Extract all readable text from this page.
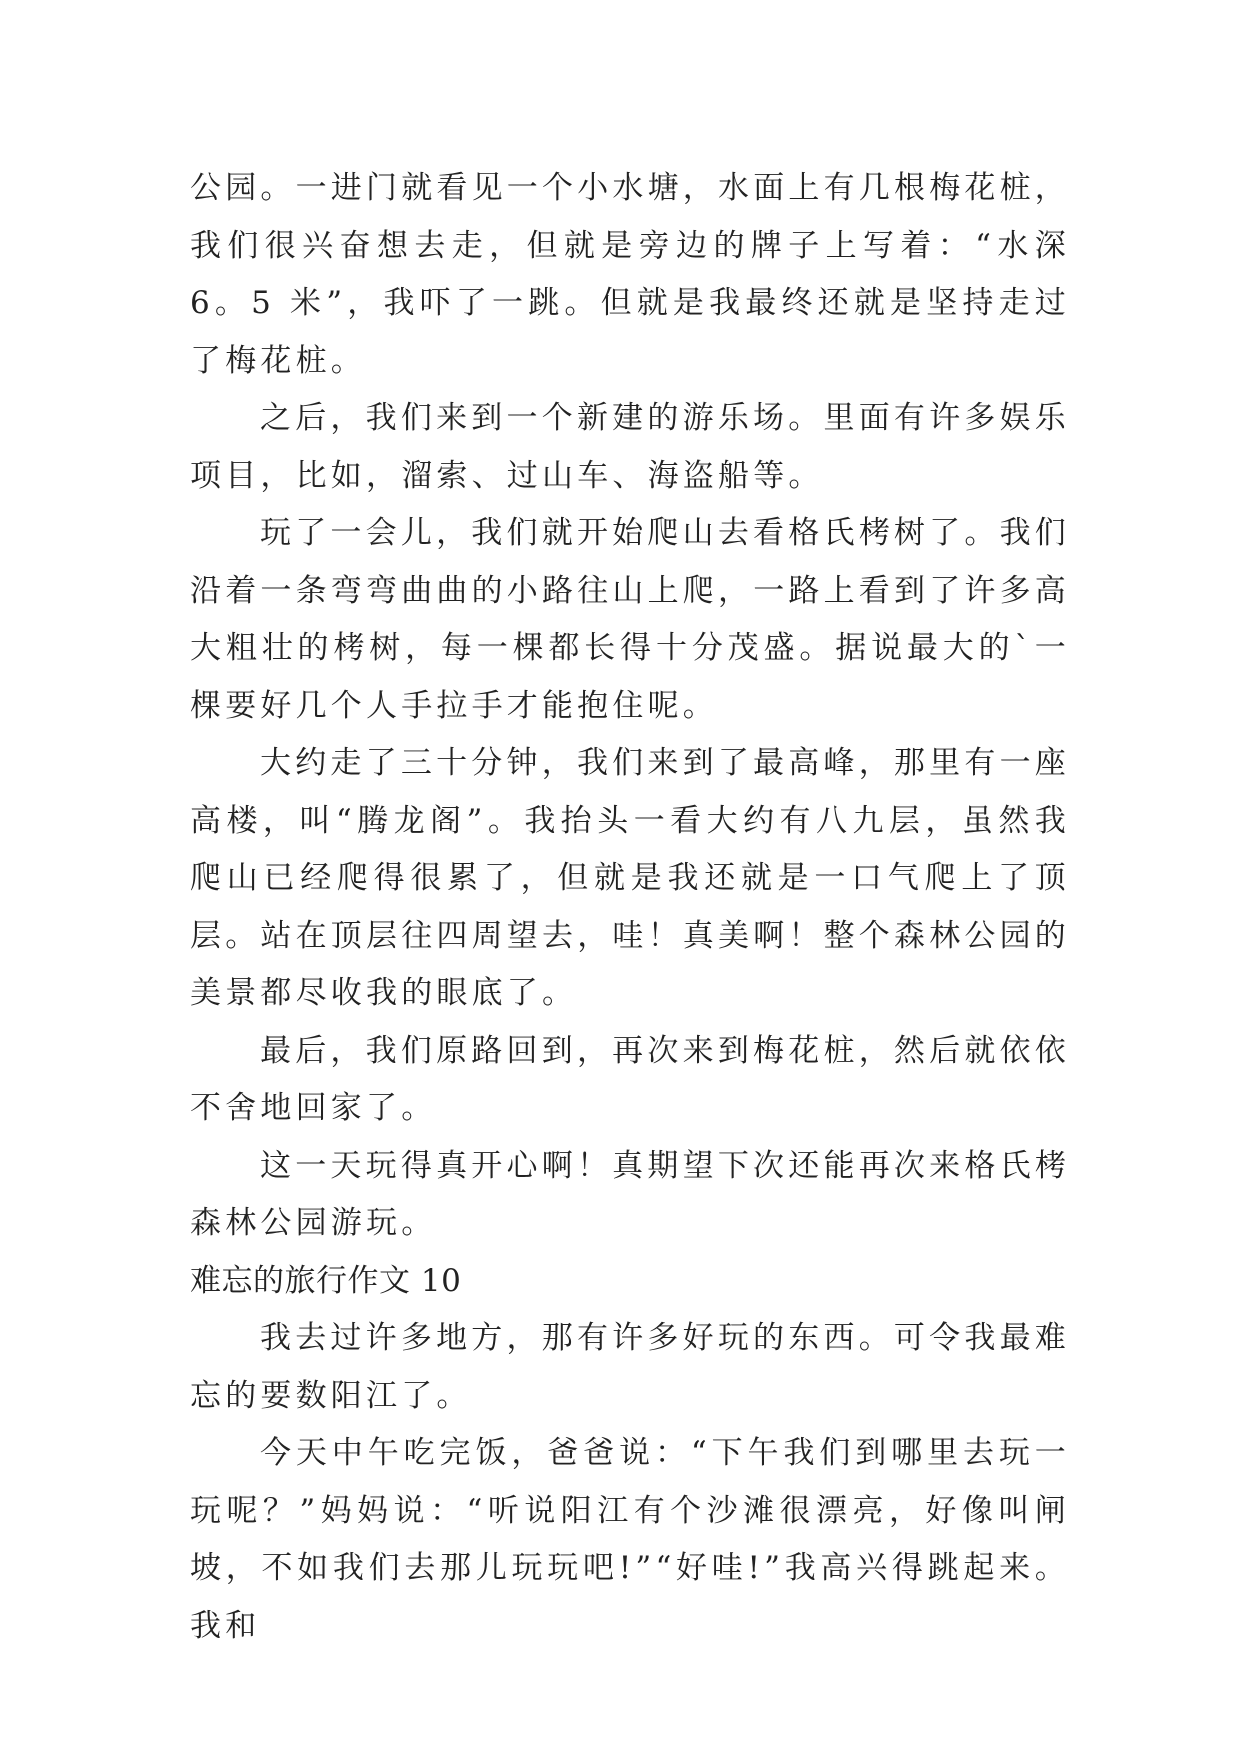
公园。一进门就看见一个小水塘，水面上有几根梅花桩，我们很兴奋想去走，但就是旁边的牌子上写着：“水深 6。5 米”，我吓了一跳。但就是我最终还就是坚持走过了梅花桩。

之后，我们来到一个新建的游乐场。里面有许多娱乐项目，比如，溜索、过山车、海盗船等。

玩了一会儿，我们就开始爬山去看格氏栲树了。我们沿着一条弯弯曲曲的小路往山上爬，一路上看到了许多高大粗壮的栲树，每一棵都长得十分茂盛。据说最大的`一棵要好几个人手拉手才能抱住呢。

大约走了三十分钟，我们来到了最高峰，那里有一座高楼，叫“腾龙阁”。我抬头一看大约有八九层，虽然我爬山已经爬得很累了，但就是我还就是一口气爬上了顶层。站在顶层往四周望去，哇！真美啊！整个森林公园的美景都尽收我的眼底了。

最后，我们原路回到，再次来到梅花桩，然后就依依不舍地回家了。

这一天玩得真开心啊！真期望下次还能再次来格氏栲森林公园游玩。

难忘的旅行作文 10

我去过许多地方，那有许多好玩的东西。可令我最难忘的要数阳江了。

今天中午吃完饭，爸爸说：“下午我们到哪里去玩一玩呢？”妈妈说：“听说阳江有个沙滩很漂亮，好像叫闸坡，不如我们去那儿玩玩吧!”“好哇!”我高兴得跳起来。我和
